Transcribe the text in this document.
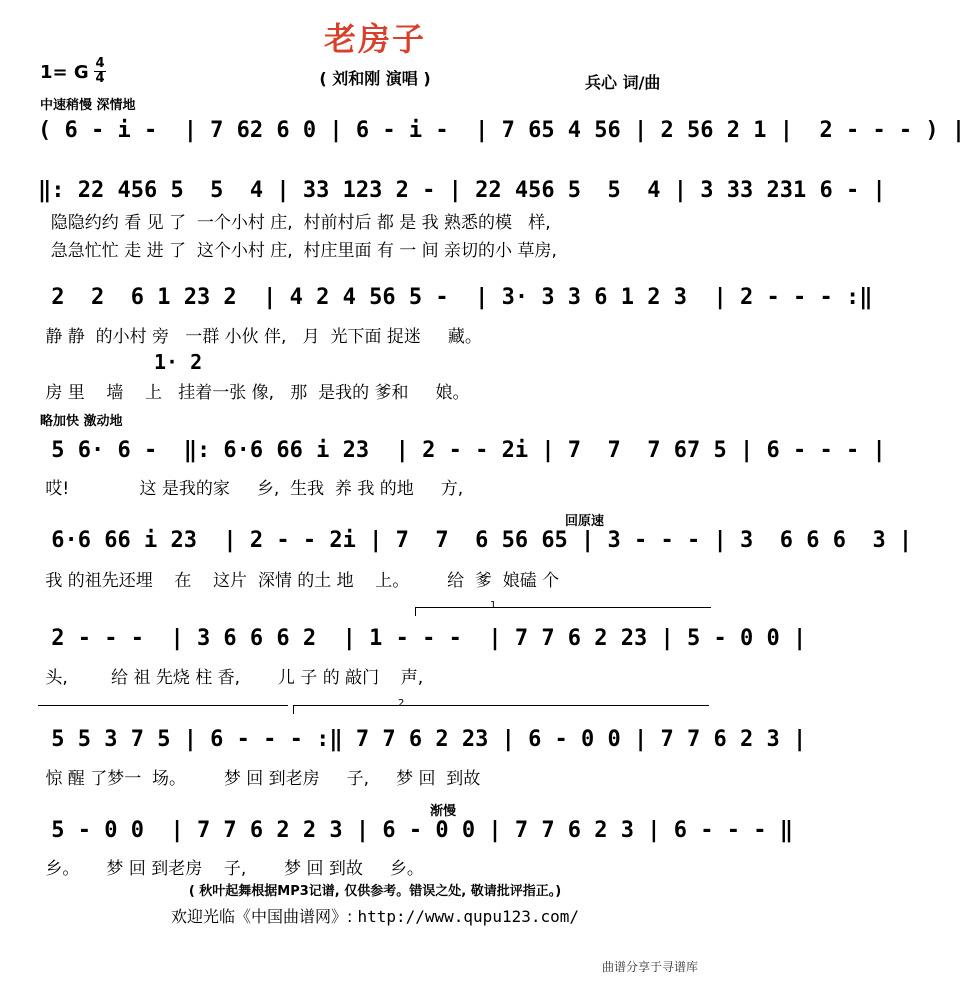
老房子
1= G 4
4	( 刘和刚 演唱 )	兵心 词/曲
中速稍慢 深情地
( 6 - i -  | 7 62 6 0 | 6 - i -  | 7 65 4 56 | 2 56 2 1 |  2 - - - ) |
‖: 22 456 5  5  4 | 33 123 2 - | 22 456 5  5  4 | 3 33 231 6 - |
隐隐约约 看 见 了  一个小村 庄,  村前村后 都 是 我 熟悉的模   样,
急急忙忙 走 进 了  这个小村 庄,  村庄里面 有 一 间 亲切的小 草房,
2  2  6 1 23 2  | 4 2 4 56 5 -  | 3· 3 3 6 1 2 3  | 2 - - - :‖
静 静  的小村 旁   一群 小伙 伴,   月  光下面 捉迷     藏。
1· 2
房 里    墙    上   挂着一张 像,   那  是我的 爹和     娘。
略加快 激动地
5 6· 6 -  ‖: 6·6 66 i 23  | 2 - - 2i | 7  7  7 67 5 | 6 - - - |
哎!             这 是我的家     乡,  生我  养 我 的地     方,
回原速
6·6 66 i 23  | 2 - - 2i | 7  7  6 56 65 | 3 - - - | 3  6 6 6  3 |
我 的祖先还埋    在    这片  深情 的土 地    上。       给  爹  娘磕 个
1
2 - - -  | 3 6 6 6 2  | 1 - - -  | 7 7 6 2 23 | 5 - 0 0 |
头,        给 祖 先烧 柱 香,       儿 子 的 敲门    声,
2
5 5 3 7 5 | 6 - - - :‖ 7 7 6 2 23 | 6 - 0 0 | 7 7 6 2 3 |
惊 醒 了梦一  场。       梦 回 到老房     子,     梦 回  到故
渐慢
5 - 0 0  | 7 7 6 2 2 3 | 6 - 0 0 | 7 7 6 2 3 | 6 - - - ‖
乡。     梦 回 到老房    子,       梦 回 到故     乡。
( 秋叶起舞根据MP3记谱, 仅供参考。错误之处, 敬请批评指正。)
欢迎光临《中国曲谱网》: http://www.qupu123.com/
曲谱分享于寻谱库
